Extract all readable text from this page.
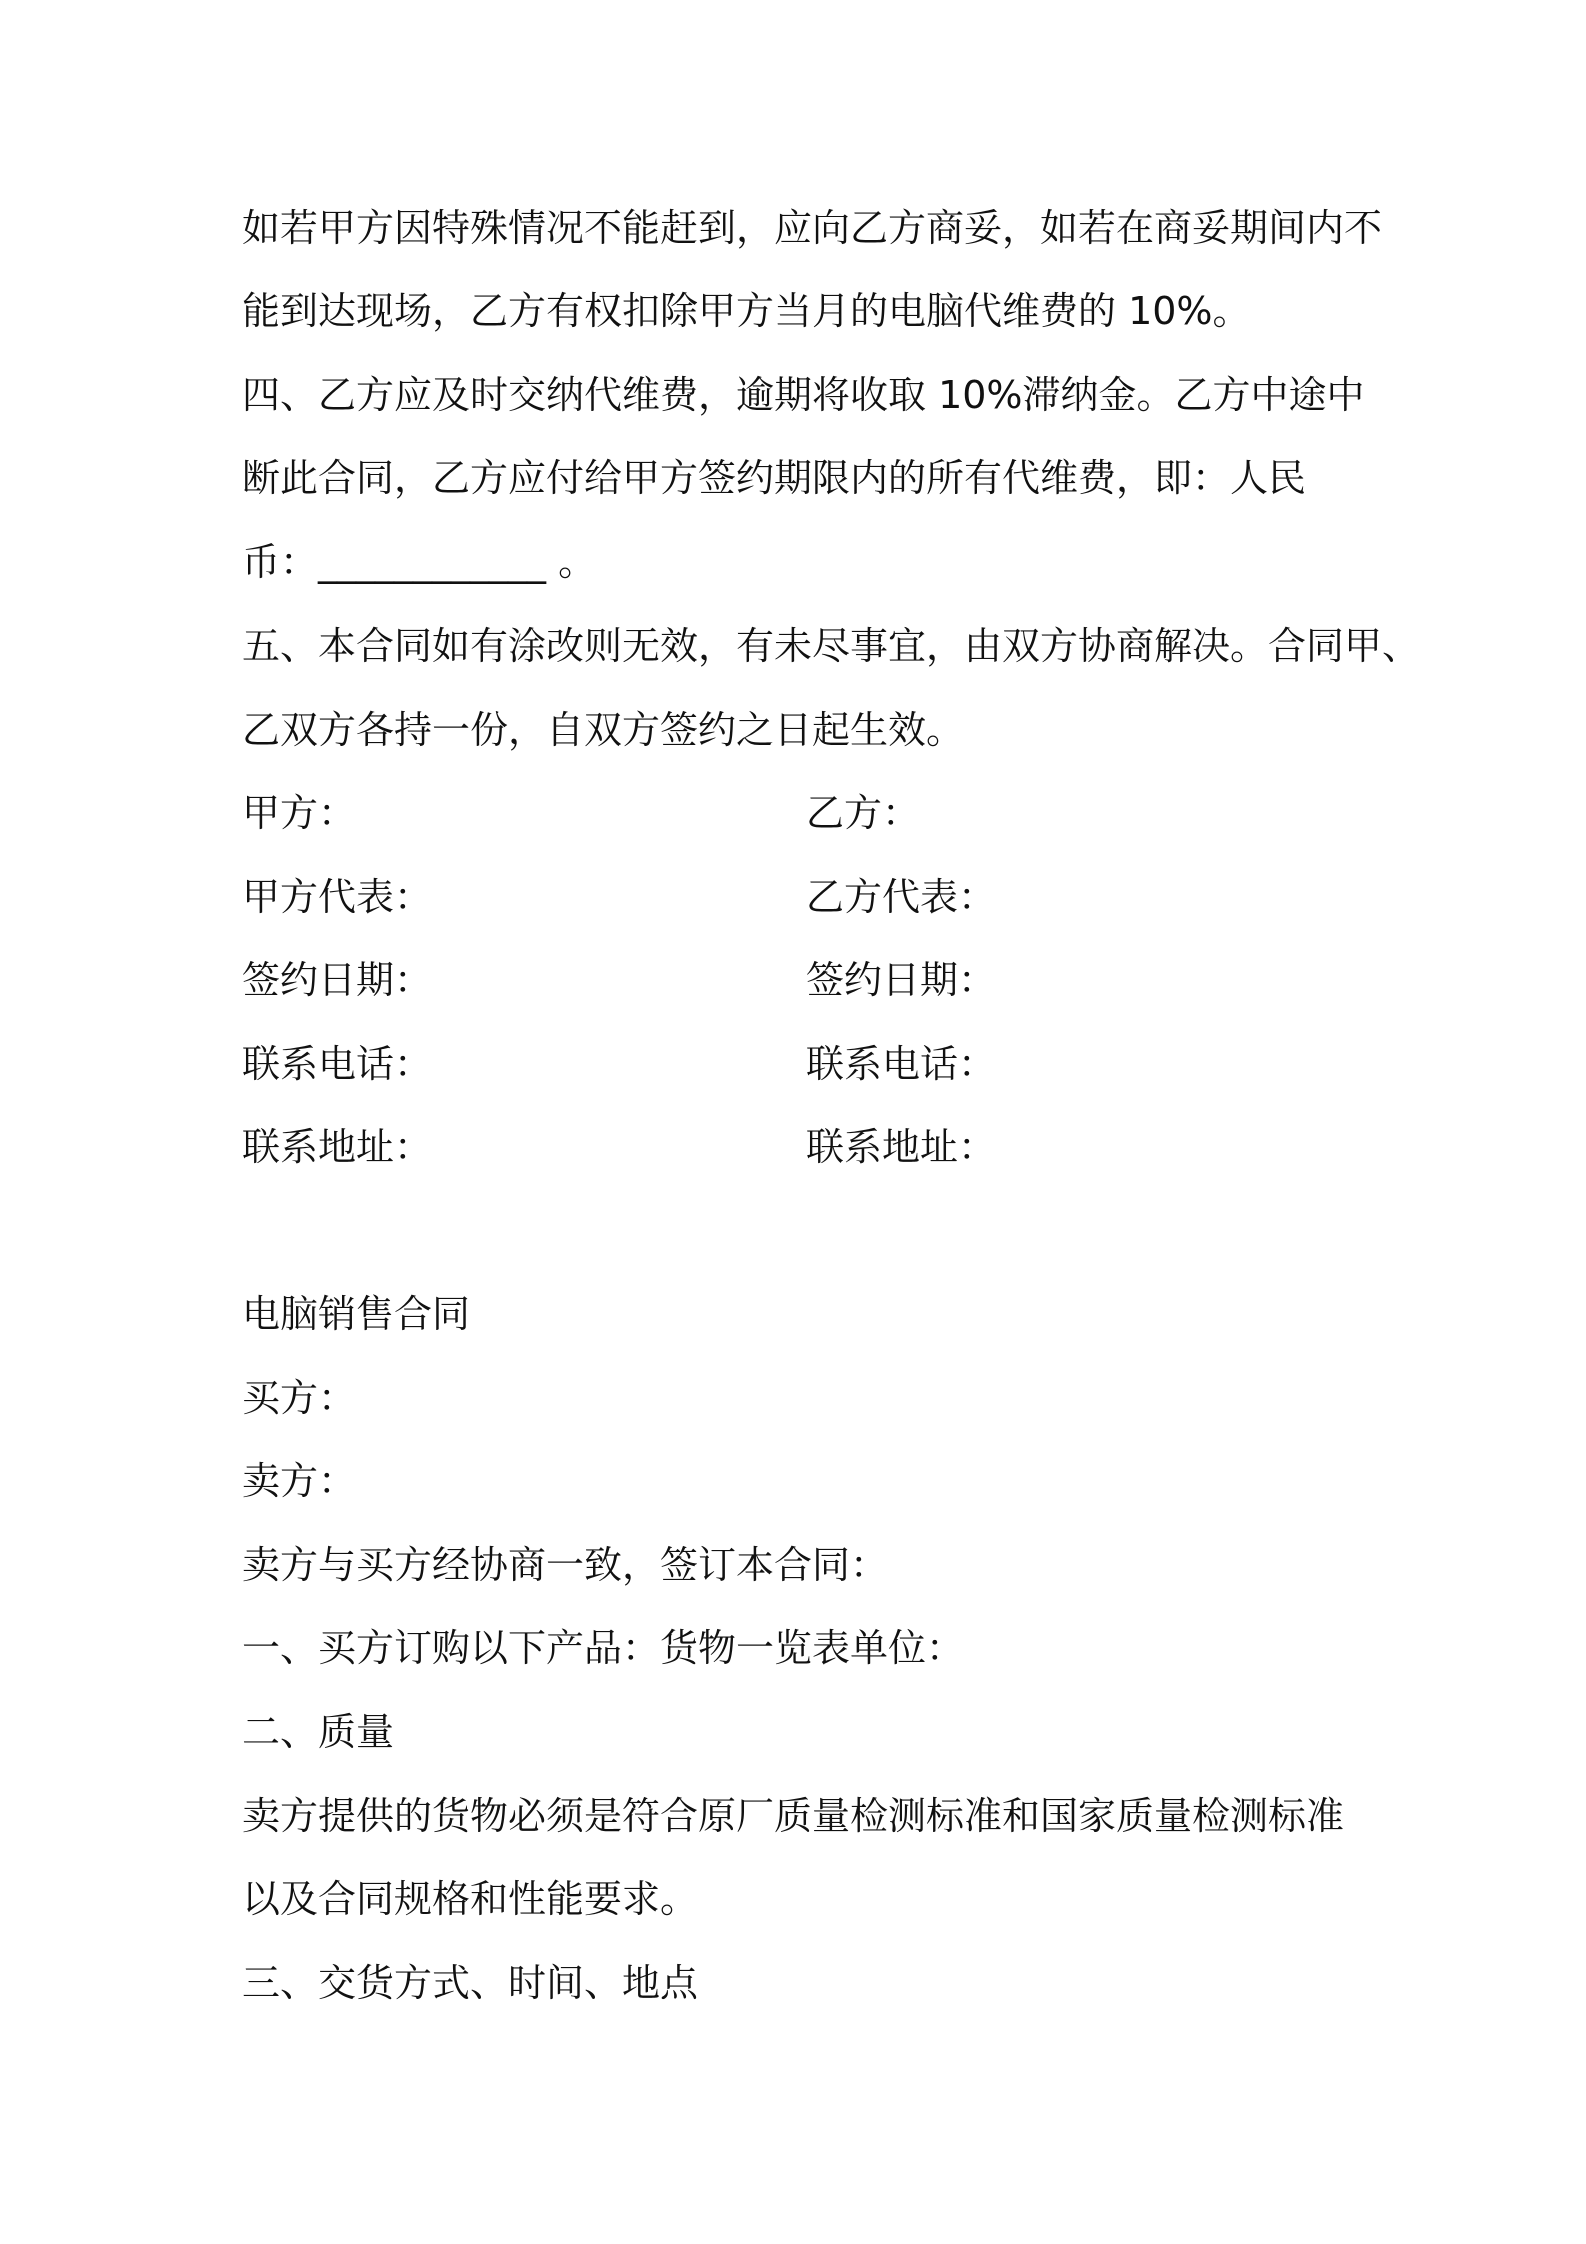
如若甲方因特殊情况不能赶到，应向乙方商妥，如若在商妥期间内不
能到达现场，乙方有权扣除甲方当月的电脑代维费的 10%。
四、乙方应及时交纳代维费，逾期将收取 10%滞纳金。乙方中途中
断此合同，乙方应付给甲方签约期限内的所有代维费，即：人民
币：____________ 。
五、本合同如有涂改则无效，有未尽事宜，由双方协商解决。合同甲、
乙双方各持一份，自双方签约之日起生效。
甲方：	乙方：
甲方代表：	乙方代表：
签约日期：	签约日期：
联系电话：	联系电话：
联系地址：	联系地址：
电脑销售合同
买方：
卖方：
卖方与买方经协商一致，签订本合同：
一、买方订购以下产品：货物一览表单位：
二、质量
卖方提供的货物必须是符合原厂质量检测标准和国家质量检测标准
以及合同规格和性能要求。
三、交货方式、时间、地点
